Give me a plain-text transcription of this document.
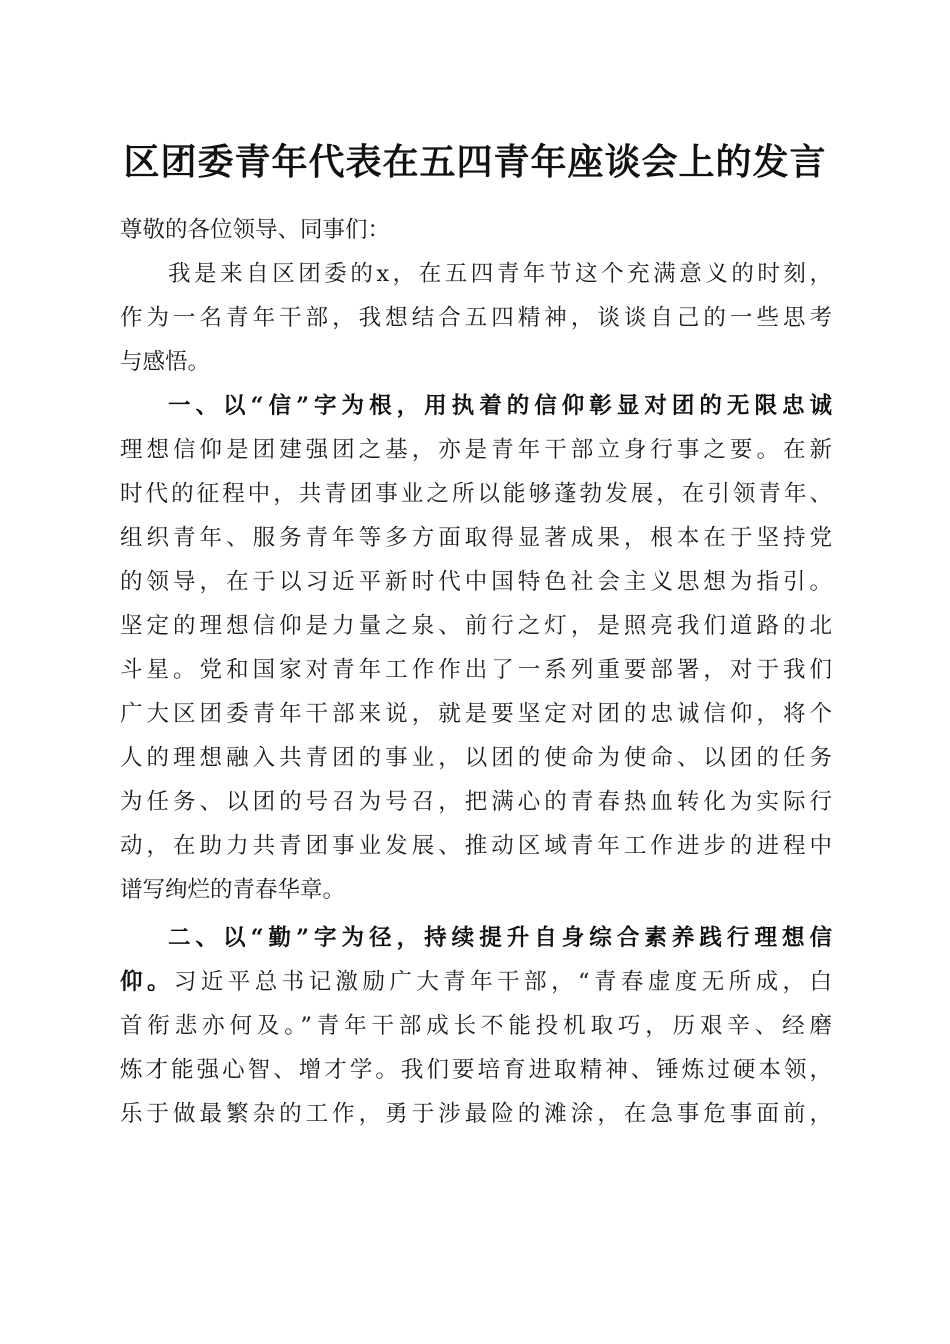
区团委青年代表在五四青年座谈会上的发言
尊敬的各位领导、同事们：
我是来自区团委的x，在五四青年节这个充满意义的时刻，
作为一名青年干部，我想结合五四精神，谈谈自己的一些思考
与感悟。
一、以“信”字为根，用执着的信仰彰显对团的无限忠诚
理想信仰是团建强团之基，亦是青年干部立身行事之要。在新
时代的征程中，共青团事业之所以能够蓬勃发展，在引领青年、
组织青年、服务青年等多方面取得显著成果，根本在于坚持党
的领导，在于以习近平新时代中国特色社会主义思想为指引。
坚定的理想信仰是力量之泉、前行之灯，是照亮我们道路的北
斗星。党和国家对青年工作作出了一系列重要部署，对于我们
广大区团委青年干部来说，就是要坚定对团的忠诚信仰，将个
人的理想融入共青团的事业，以团的使命为使命、以团的任务
为任务、以团的号召为号召，把满心的青春热血转化为实际行
动，在助力共青团事业发展、推动区域青年工作进步的进程中
谱写绚烂的青春华章。
二、以“勤”字为径，持续提升自身综合素养践行理想信
仰。习近平总书记激励广大青年干部，“青春虚度无所成，白
首衔悲亦何及。”青年干部成长不能投机取巧，历艰辛、经磨
炼才能强心智、增才学。我们要培育进取精神、锤炼过硬本领，
乐于做最繁杂的工作，勇于涉最险的滩涂，在急事危事面前，
